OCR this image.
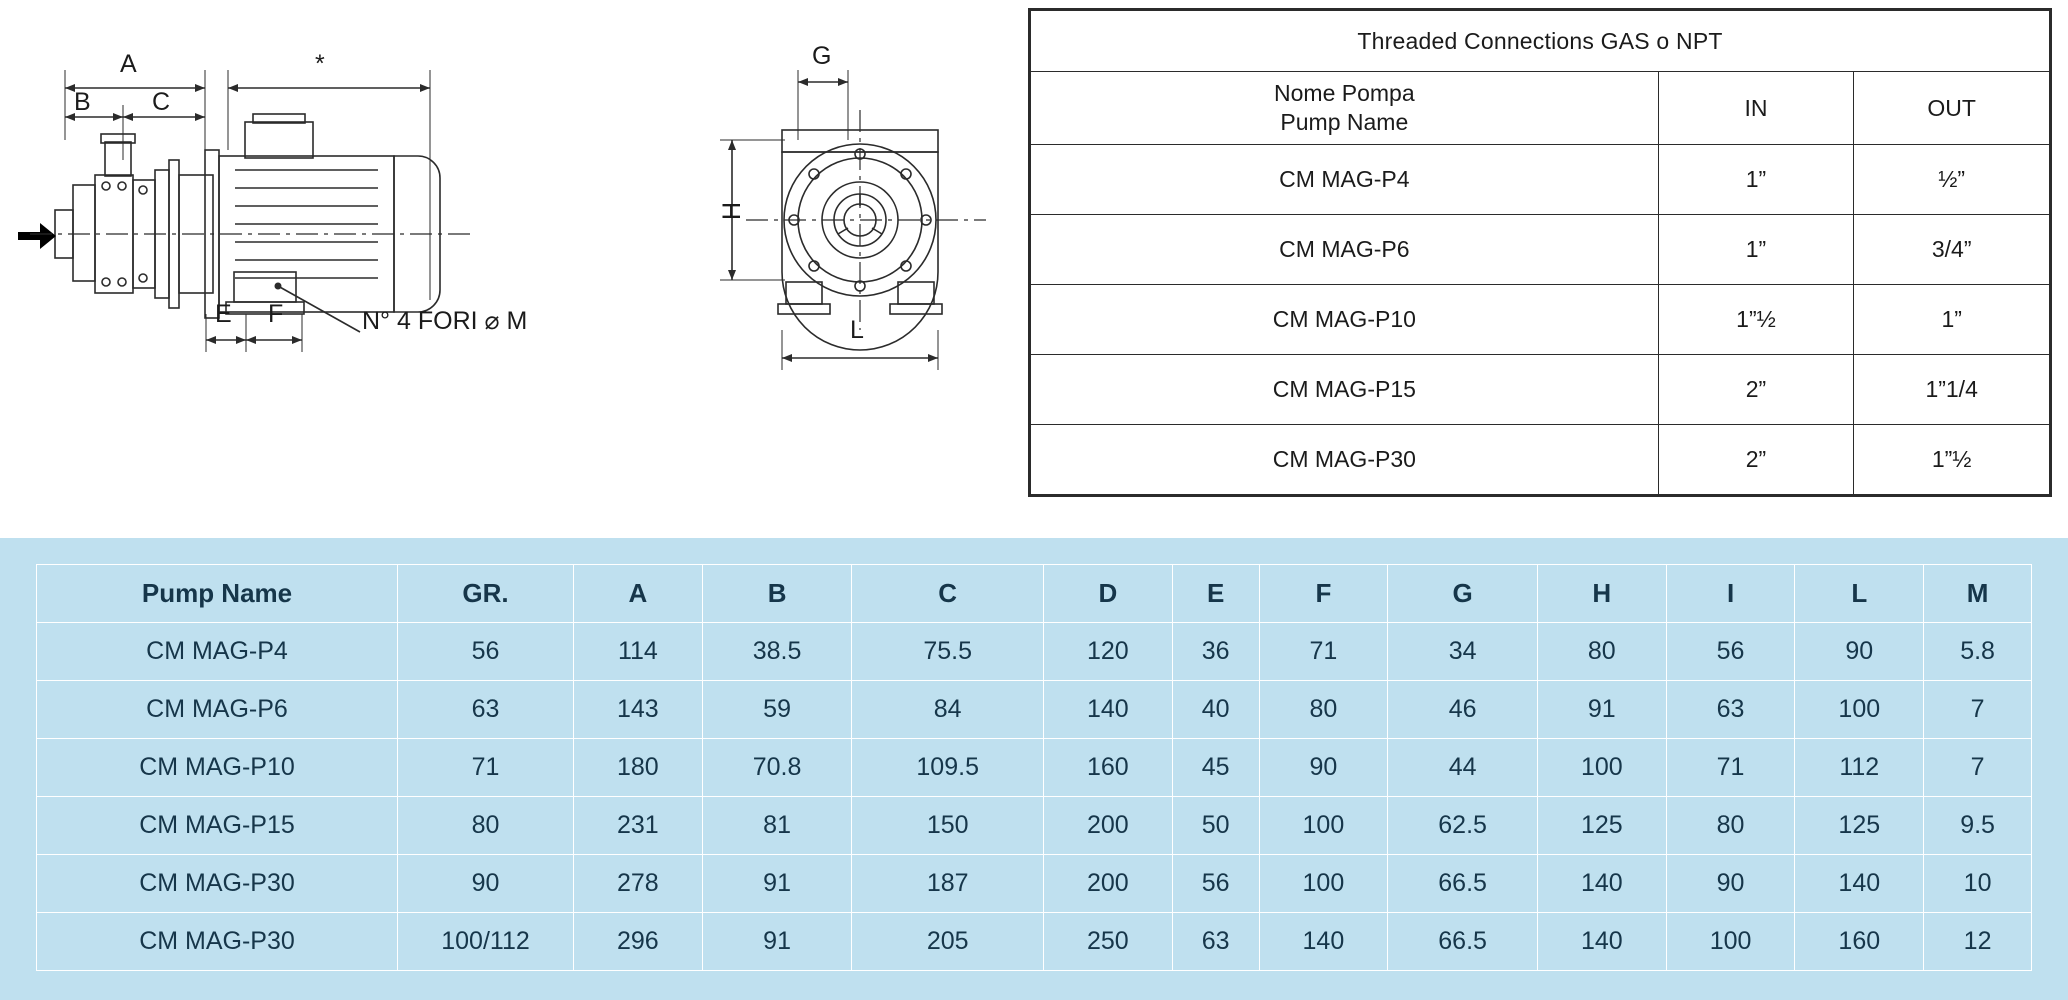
A
B C
*
E F	N° 4 FORI ⌀ M
G
H
L
Threaded Connections GAS o NPT		

Nome Pompa
Pump Name	IN	OUT
CM MAG-P4	1”	½”
CM MAG-P6	1”	3/4”
CM MAG-P10	1”½	1”
CM MAG-P15	2”	1”1/4
CM MAG-P30	2”	1”½
Pump Name	GR.	A	B	C	D	E	F	G	H	I	L	M
CM MAG-P4	56	114	38.5	75.5	120	36	71	34	80	56	90	5.8
CM MAG-P6	63	143	59	84	140	40	80	46	91	63	100	7
CM MAG-P10	71	180	70.8	109.5	160	45	90	44	100	71	112	7
CM MAG-P15	80	231	81	150	200	50	100	62.5	125	80	125	9.5
CM MAG-P30	90	278	91	187	200	56	100	66.5	140	90	140	10
CM MAG-P30	100/112	296	91	205	250	63	140	66.5	140	100	160	12
